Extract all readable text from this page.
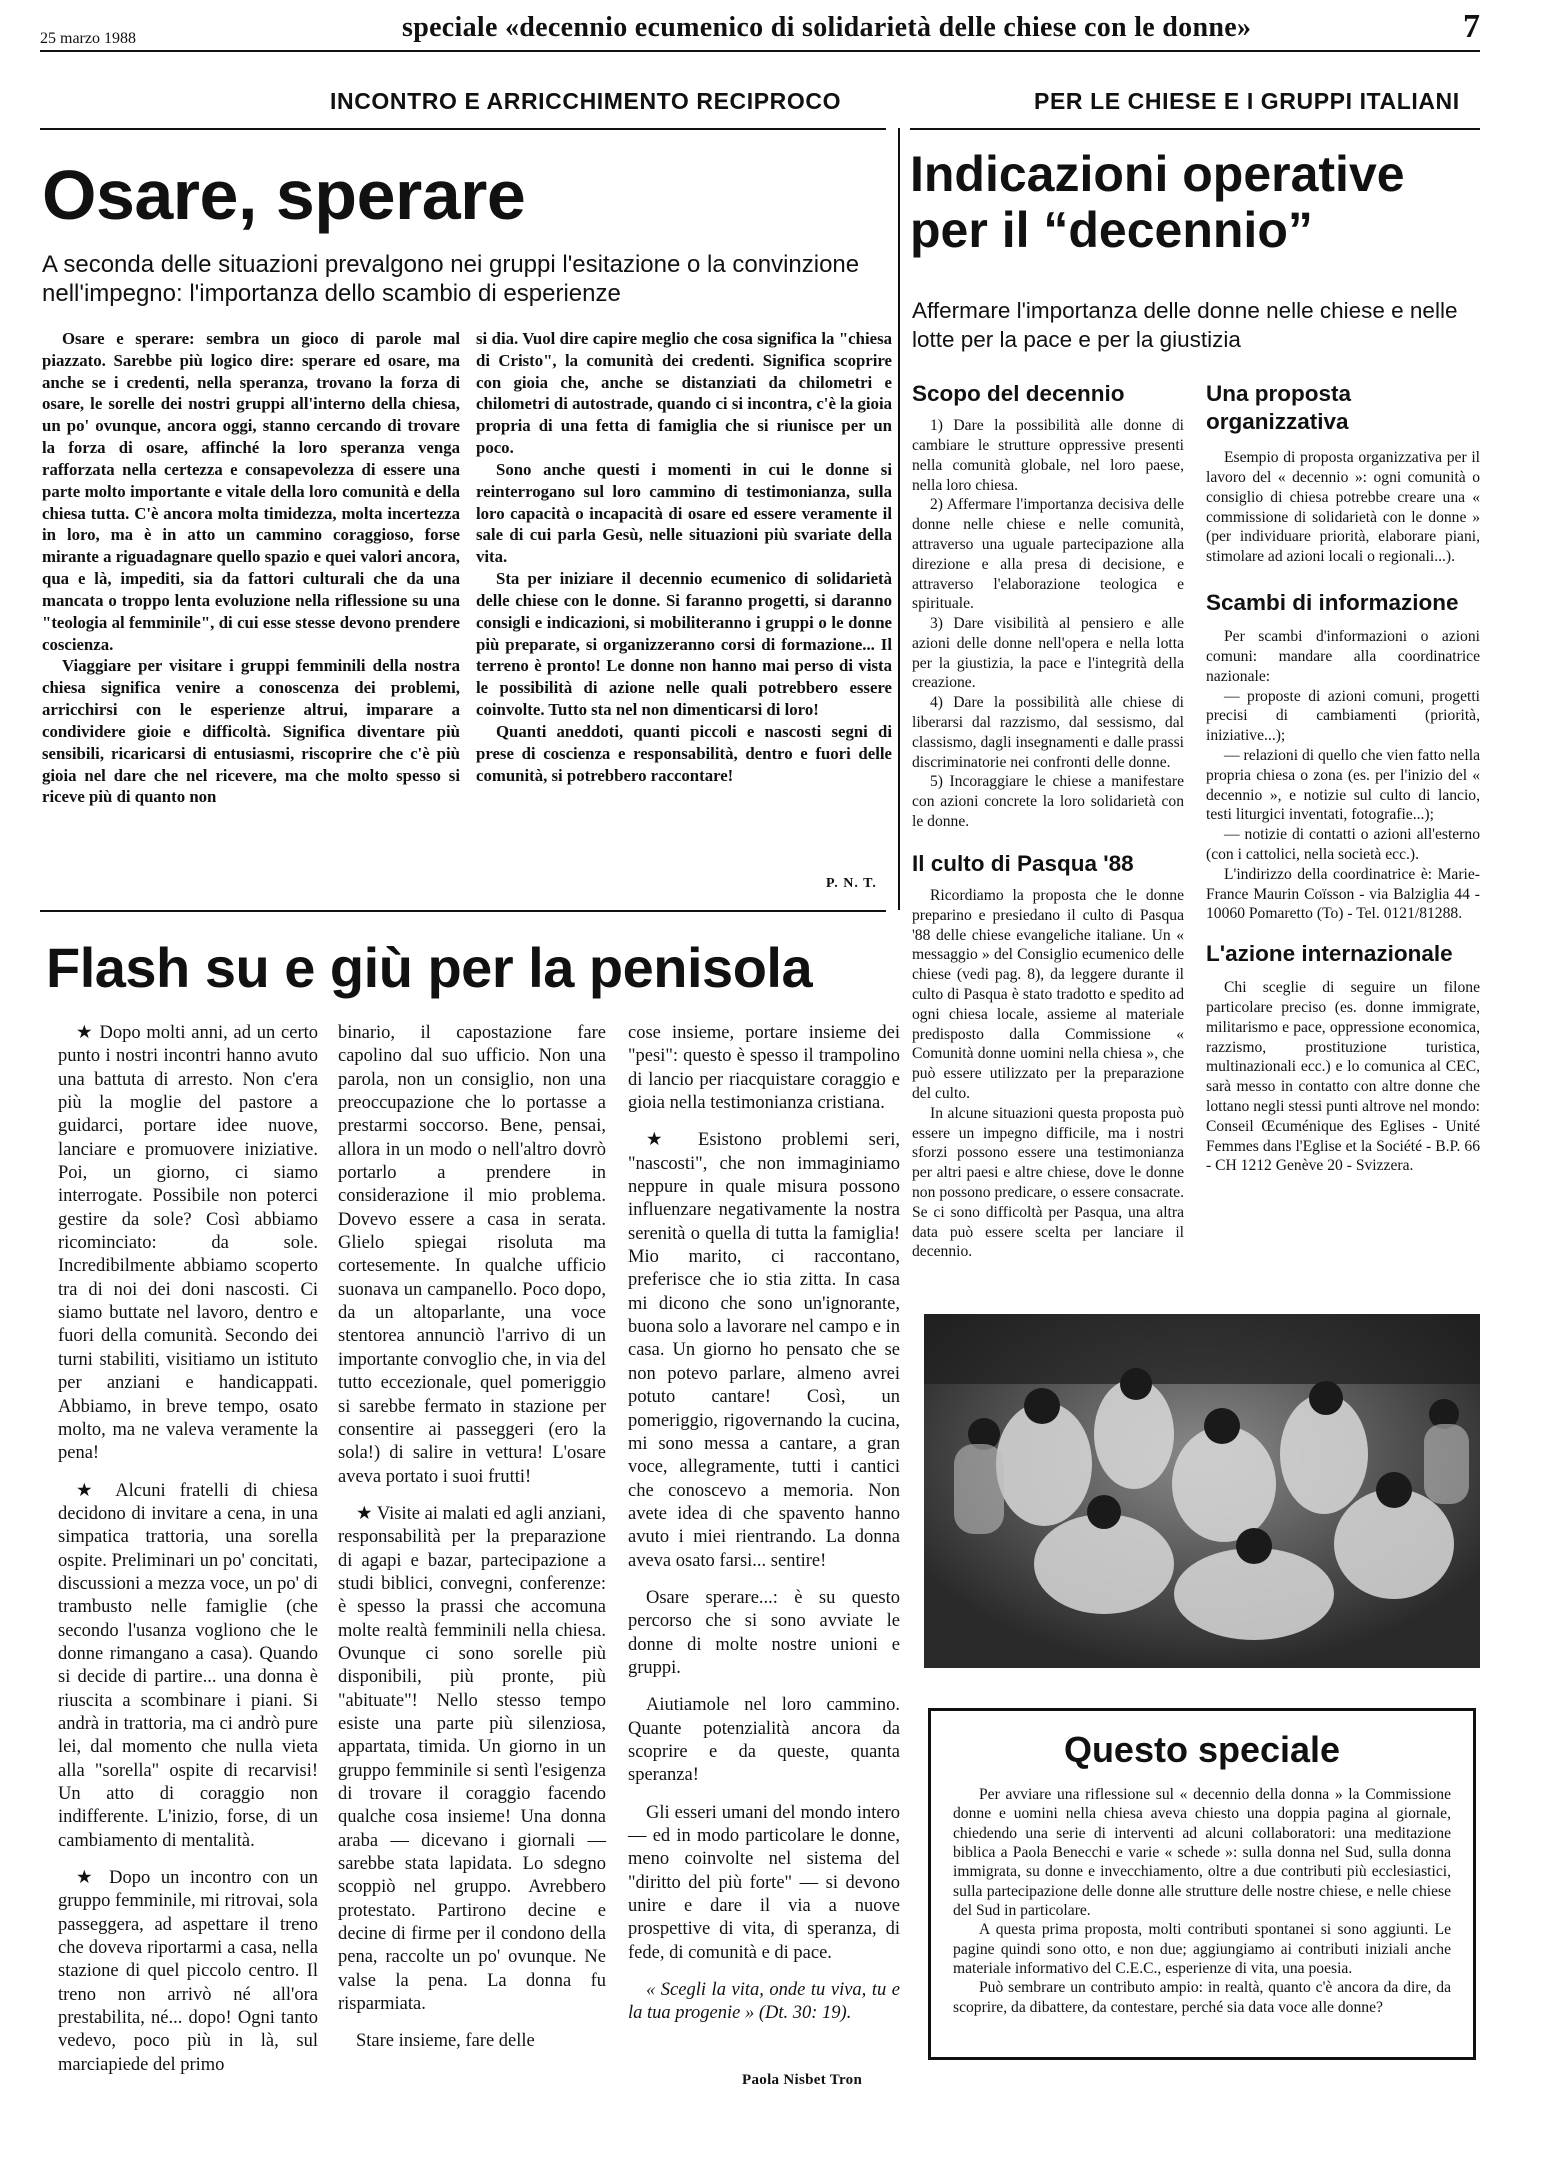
25 marzo 1988	speciale «decennio ecumenico di solidarietà delle chiese con le donne»	7
INCONTRO E ARRICCHIMENTO RECIPROCO	PER LE CHIESE E I GRUPPI ITALIANI
Osare, sperare
A seconda delle situazioni prevalgono nei gruppi l'esitazione o la convinzione nell'impegno: l'importanza dello scambio di esperienze

Osare e sperare: sembra un gioco di parole mal piazzato. Sarebbe più logico dire: sperare ed osare, ma anche se i credenti, nella speranza, trovano la forza di osare, le sorelle dei nostri gruppi all'interno della chiesa, un po' ovunque, ancora oggi, stanno cercando di trovare la forza di osare, affinché la loro speranza venga rafforzata nella certezza e consapevolezza di essere una parte molto importante e vitale della loro comunità e della chiesa tutta. C'è ancora molta timidezza, molta incertezza in loro, ma è in atto un cammino coraggioso, forse mirante a riguadagnare quello spazio e quei valori ancora, qua e là, impediti, sia da fattori culturali che da una mancata o troppo lenta evoluzione nella riflessione su una "teologia al femminile", di cui esse stesse devono prendere coscienza.

Viaggiare per visitare i gruppi femminili della nostra chiesa significa venire a conoscenza dei problemi, arricchirsi con le esperienze altrui, imparare a condividere gioie e difficoltà. Significa diventare più sensibili, ricaricarsi di entusiasmi, riscoprire che c'è più gioia nel dare che nel ricevere, ma che molto spesso si riceve più di quanto non

si dia. Vuol dire capire meglio che cosa significa la "chiesa di Cristo", la comunità dei credenti. Significa scoprire con gioia che, anche se distanziati da chilometri e chilometri di autostrade, quando ci si incontra, c'è la gioia propria di una fetta di famiglia che si riunisce per un poco.

Sono anche questi i momenti in cui le donne si reinterrogano sul loro cammino di testimonianza, sulla loro capacità o incapacità di osare ed essere veramente il sale di cui parla Gesù, nelle situazioni più svariate della vita.

Sta per iniziare il decennio ecumenico di solidarietà delle chiese con le donne. Si faranno progetti, si daranno consigli e indicazioni, si mobiliteranno i gruppi o le donne più preparate, si organizzeranno corsi di formazione... Il terreno è pronto! Le donne non hanno mai perso di vista le possibilità di azione nelle quali potrebbero essere coinvolte. Tutto sta nel non dimenticarsi di loro!

Quanti aneddoti, quanti piccoli e nascosti segni di prese di coscienza e responsabilità, dentro e fuori delle comunità, si potrebbero raccontare!

P. N. T.
Flash su e giù per la penisola

★ Dopo molti anni, ad un certo punto i nostri incontri hanno avuto una battuta di arresto. Non c'era più la moglie del pastore a guidarci, portare idee nuove, lanciare e promuovere iniziative. Poi, un giorno, ci siamo interrogate. Possibile non poterci gestire da sole? Così abbiamo ricominciato: da sole. Incredibilmente abbiamo scoperto tra di noi dei doni nascosti. Ci siamo buttate nel lavoro, dentro e fuori della comunità. Secondo dei turni stabiliti, visitiamo un istituto per anziani e handicappati. Abbiamo, in breve tempo, osato molto, ma ne valeva veramente la pena!

★ Alcuni fratelli di chiesa decidono di invitare a cena, in una simpatica trattoria, una sorella ospite. Preliminari un po' concitati, discussioni a mezza voce, un po' di trambusto nelle famiglie (che secondo l'usanza vogliono che le donne rimangano a casa). Quando si decide di partire... una donna è riuscita a scombinare i piani. Si andrà in trattoria, ma ci andrò pure lei, dal momento che nulla vieta alla "sorella" ospite di recarvisi! Un atto di coraggio non indifferente. L'inizio, forse, di un cambiamento di mentalità.

★ Dopo un incontro con un gruppo femminile, mi ritrovai, sola passeggera, ad aspettare il treno che doveva riportarmi a casa, nella stazione di quel piccolo centro. Il treno non arrivò né all'ora prestabilita, né... dopo! Ogni tanto vedevo, poco più in là, sul marciapiede del primo

binario, il capostazione fare capolino dal suo ufficio. Non una parola, non un consiglio, non una preoccupazione che lo portasse a prestarmi soccorso. Bene, pensai, allora in un modo o nell'altro dovrò portarlo a prendere in considerazione il mio problema. Dovevo essere a casa in serata. Glielo spiegai risoluta ma cortesemente. In qualche ufficio suonava un campanello. Poco dopo, da un altoparlante, una voce stentorea annunciò l'arrivo di un importante convoglio che, in via del tutto eccezionale, quel pomeriggio si sarebbe fermato in stazione per consentire ai passeggeri (ero la sola!) di salire in vettura! L'osare aveva portato i suoi frutti!

★ Visite ai malati ed agli anziani, responsabilità per la preparazione di agapi e bazar, partecipazione a studi biblici, convegni, conferenze: è spesso la prassi che accomuna molte realtà femminili nella chiesa. Ovunque ci sono sorelle più disponibili, più pronte, più "abituate"! Nello stesso tempo esiste una parte più silenziosa, appartata, timida. Un giorno in un gruppo femminile si sentì l'esigenza di trovare il coraggio facendo qualche cosa insieme! Una donna araba — dicevano i giornali — sarebbe stata lapidata. Lo sdegno scoppiò nel gruppo. Avrebbero protestato. Partirono decine e decine di firme per il condono della pena, raccolte un po' ovunque. Ne valse la pena. La donna fu risparmiata.

Stare insieme, fare delle

cose insieme, portare insieme dei "pesi": questo è spesso il trampolino di lancio per riacquistare coraggio e gioia nella testimonianza cristiana.

★ Esistono problemi seri, "nascosti", che non immaginiamo neppure in quale misura possono influenzare negativamente la nostra serenità o quella di tutta la famiglia! Mio marito, ci raccontano, preferisce che io stia zitta. In casa mi dicono che sono un'ignorante, buona solo a lavorare nel campo e in casa. Un giorno ho pensato che se non potevo parlare, almeno avrei potuto cantare! Così, un pomeriggio, rigovernando la cucina, mi sono messa a cantare, a gran voce, allegramente, tutti i cantici che conoscevo a memoria. Non avete idea di che spavento hanno avuto i miei rientrando. La donna aveva osato farsi... sentire!

Osare sperare...: è su questo percorso che si sono avviate le donne di molte nostre unioni e gruppi.

Aiutiamole nel loro cammino. Quante potenzialità ancora da scoprire e da queste, quanta speranza!

Gli esseri umani del mondo intero — ed in modo particolare le donne, meno coinvolte nel sistema del "diritto del più forte" — si devono unire e dare il via a nuove prospettive di vita, di speranza, di fede, di comunità e di pace.

« Scegli la vita, onde tu viva, tu e la tua progenie » (Dt. 30: 19).

Paola Nisbet Tron
Indicazioni operative
per il “decennio”
Affermare l'importanza delle donne nelle chiese e nelle lotte per la pace e per la giustizia
Scopo del decennio

1) Dare la possibilità alle donne di cambiare le strutture oppressive presenti nella comunità globale, nel loro paese, nella loro chiesa.

2) Affermare l'importanza decisiva delle donne nelle chiese e nelle comunità, attraverso una uguale partecipazione alla direzione e alla presa di decisione, e attraverso l'elaborazione teologica e spirituale.

3) Dare visibilità al pensiero e alle azioni delle donne nell'opera e nella lotta per la giustizia, la pace e l'integrità della creazione.

4) Dare la possibilità alle chiese di liberarsi dal razzismo, dal sessismo, dal classismo, dagli insegnamenti e dalle prassi discriminatorie nei confronti delle donne.

5) Incoraggiare le chiese a manifestare con azioni concrete la loro solidarietà con le donne.

Il culto di Pasqua '88

Ricordiamo la proposta che le donne preparino e presiedano il culto di Pasqua '88 delle chiese evangeliche italiane. Un « messaggio » del Consiglio ecumenico delle chiese (vedi pag. 8), da leggere durante il culto di Pasqua è stato tradotto e spedito ad ogni chiesa locale, assieme al materiale predisposto dalla Commissione « Comunità donne uomini nella chiesa », che può essere utilizzato per la preparazione del culto.

In alcune situazioni questa proposta può essere un impegno difficile, ma i nostri sforzi possono essere una testimonianza per altri paesi e altre chiese, dove le donne non possono predicare, o essere consacrate. Se ci sono difficoltà per Pasqua, una altra data può essere scelta per lanciare il decennio.

Una proposta organizzativa

Esempio di proposta organizzativa per il lavoro del « decennio »: ogni comunità o consiglio di chiesa potrebbe creare una « commissione di solidarietà con le donne » (per individuare priorità, elaborare piani, stimolare ad azioni locali o regionali...).

Scambi di informazione

Per scambi d'informazioni o azioni comuni: mandare alla coordinatrice nazionale:

— proposte di azioni comuni, progetti precisi di cambiamenti (priorità, iniziative...);

— relazioni di quello che vien fatto nella propria chiesa o zona (es. per l'inizio del « decennio », e notizie sul culto di lancio, testi liturgici inventati, fotografie...);

— notizie di contatti o azioni all'esterno (con i cattolici, nella società ecc.).

L'indirizzo della coordinatrice è: Marie-France Maurin Coïsson - via Balziglia 44 - 10060 Pomaretto (To) - Tel. 0121/81288.

L'azione internazionale

Chi sceglie di seguire un filone particolare preciso (es. donne immigrate, militarismo e pace, oppressione economica, razzismo, prostituzione turistica, multinazionali ecc.) e lo comunica al CEC, sarà messo in contatto con altre donne che lottano negli stessi punti altrove nel mondo: Conseil Œcuménique des Eglises - Unité Femmes dans l'Eglise et la Société - B.P. 66 - CH 1212 Genève 20 - Svizzera.

Questo speciale

Per avviare una riflessione sul « decennio della donna » la Commissione donne e uomini nella chiesa aveva chiesto una doppia pagina al giornale, chiedendo una serie di interventi ad alcuni collaboratori: una meditazione biblica a Paola Benecchi e varie « schede »: sulla donna nel Sud, sulla donna immigrata, su donne e invecchiamento, oltre a due contributi più ecclesiastici, sulla partecipazione delle donne alle strutture delle nostre chiese, e nelle chiese del Sud in particolare.

A questa prima proposta, molti contributi spontanei si sono aggiunti. Le pagine quindi sono otto, e non due; aggiungiamo ai contributi iniziali anche materiale informativo del C.E.C., esperienze di vita, una poesia.

Può sembrare un contributo ampio: in realtà, quanto c'è ancora da dire, da scoprire, da dibattere, da contestare, perché sia data voce alle donne?
